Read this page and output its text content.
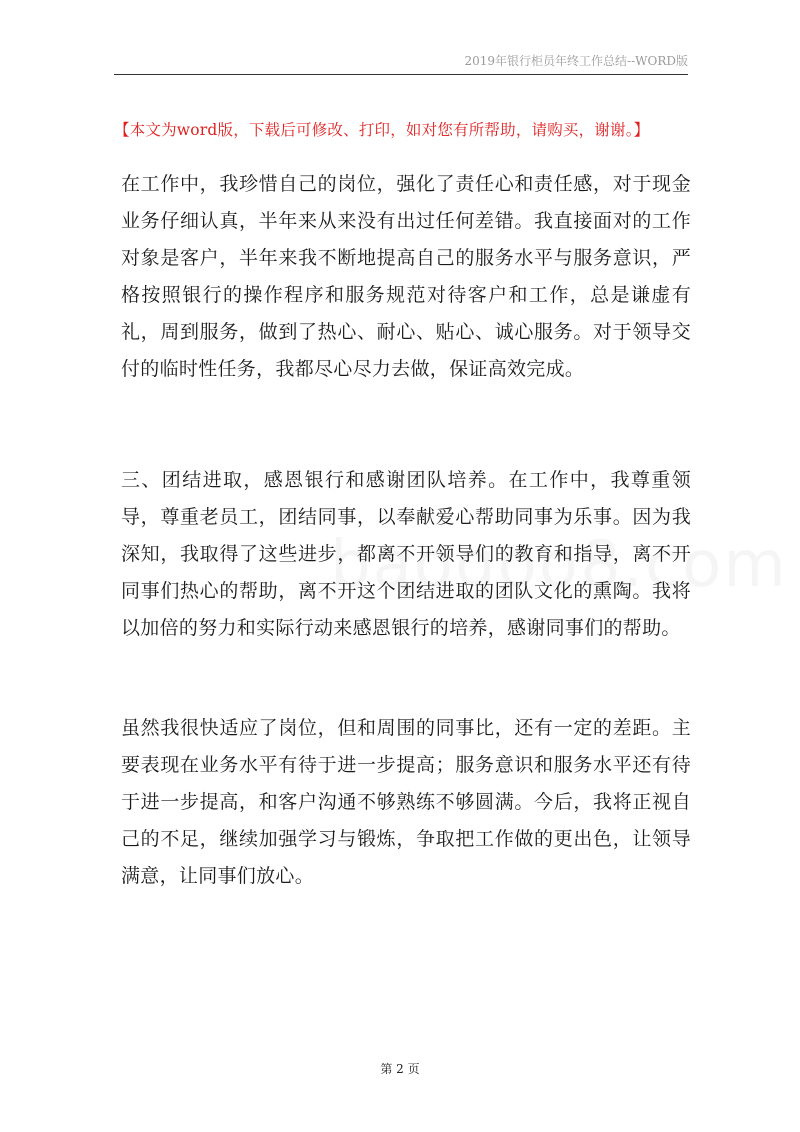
2019年银行柜员年终工作总结--WORD版
【本文为word版，下载后可修改、打印，如对您有所帮助，请购买，谢谢。】

在工作中，我珍惜自己的岗位，强化了责任心和责任感，对于现金业务仔细认真，半年来从来没有出过任何差错。我直接面对的工作对象是客户，半年来我不断地提高自己的服务水平与服务意识，严格按照银行的操作程序和服务规范对待客户和工作，总是谦虚有礼，周到服务，做到了热心、耐心、贴心、诚心服务。对于领导交付的临时性任务，我都尽心尽力去做，保证高效完成。

三、团结进取，感恩银行和感谢团队培养。在工作中，我尊重领导，尊重老员工，团结同事，以奉献爱心帮助同事为乐事。因为我深知，我取得了这些进步，都离不开领导们的教育和指导，离不开同事们热心的帮助，离不开这个团结进取的团队文化的熏陶。我将以加倍的努力和实际行动来感恩银行的培养，感谢同事们的帮助。

虽然我很快适应了岗位，但和周围的同事比，还有一定的差距。主要表现在业务水平有待于进一步提高；服务意识和服务水平还有待于进一步提高，和客户沟通不够熟练不够圆满。今后，我将正视自己的不足，继续加强学习与锻炼，争取把工作做的更出色，让领导满意，让同事们放心。

第 2 页
